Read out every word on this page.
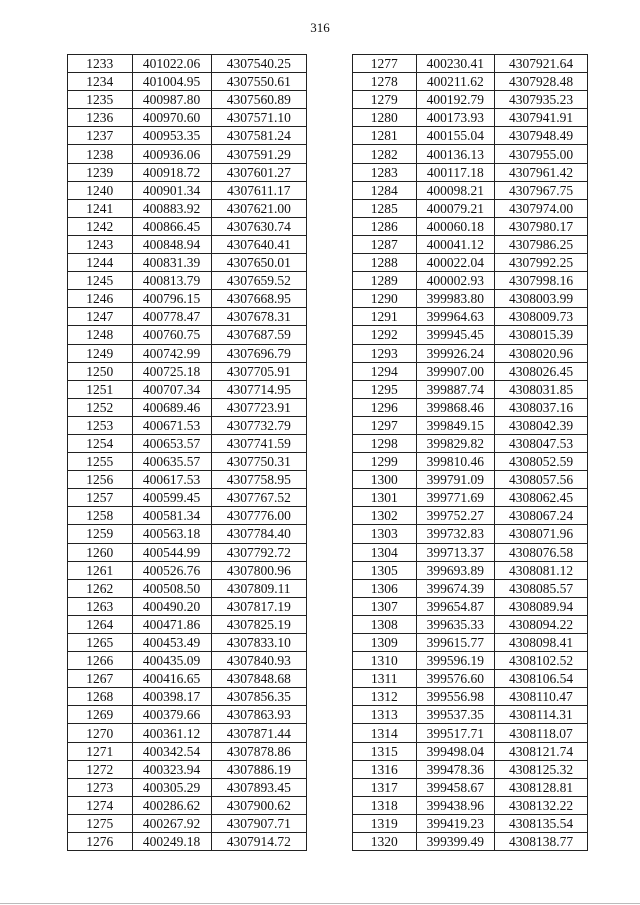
316
1233	401022.06	4307540.25
1234	401004.95	4307550.61
1235	400987.80	4307560.89
1236	400970.60	4307571.10
1237	400953.35	4307581.24
1238	400936.06	4307591.29
1239	400918.72	4307601.27
1240	400901.34	4307611.17
1241	400883.92	4307621.00
1242	400866.45	4307630.74
1243	400848.94	4307640.41
1244	400831.39	4307650.01
1245	400813.79	4307659.52
1246	400796.15	4307668.95
1247	400778.47	4307678.31
1248	400760.75	4307687.59
1249	400742.99	4307696.79
1250	400725.18	4307705.91
1251	400707.34	4307714.95
1252	400689.46	4307723.91
1253	400671.53	4307732.79
1254	400653.57	4307741.59
1255	400635.57	4307750.31
1256	400617.53	4307758.95
1257	400599.45	4307767.52
1258	400581.34	4307776.00
1259	400563.18	4307784.40
1260	400544.99	4307792.72
1261	400526.76	4307800.96
1262	400508.50	4307809.11
1263	400490.20	4307817.19
1264	400471.86	4307825.19
1265	400453.49	4307833.10
1266	400435.09	4307840.93
1267	400416.65	4307848.68
1268	400398.17	4307856.35
1269	400379.66	4307863.93
1270	400361.12	4307871.44
1271	400342.54	4307878.86
1272	400323.94	4307886.19
1273	400305.29	4307893.45
1274	400286.62	4307900.62
1275	400267.92	4307907.71
1276	400249.18	4307914.72
1277	400230.41	4307921.64
1278	400211.62	4307928.48
1279	400192.79	4307935.23
1280	400173.93	4307941.91
1281	400155.04	4307948.49
1282	400136.13	4307955.00
1283	400117.18	4307961.42
1284	400098.21	4307967.75
1285	400079.21	4307974.00
1286	400060.18	4307980.17
1287	400041.12	4307986.25
1288	400022.04	4307992.25
1289	400002.93	4307998.16
1290	399983.80	4308003.99
1291	399964.63	4308009.73
1292	399945.45	4308015.39
1293	399926.24	4308020.96
1294	399907.00	4308026.45
1295	399887.74	4308031.85
1296	399868.46	4308037.16
1297	399849.15	4308042.39
1298	399829.82	4308047.53
1299	399810.46	4308052.59
1300	399791.09	4308057.56
1301	399771.69	4308062.45
1302	399752.27	4308067.24
1303	399732.83	4308071.96
1304	399713.37	4308076.58
1305	399693.89	4308081.12
1306	399674.39	4308085.57
1307	399654.87	4308089.94
1308	399635.33	4308094.22
1309	399615.77	4308098.41
1310	399596.19	4308102.52
1311	399576.60	4308106.54
1312	399556.98	4308110.47
1313	399537.35	4308114.31
1314	399517.71	4308118.07
1315	399498.04	4308121.74
1316	399478.36	4308125.32
1317	399458.67	4308128.81
1318	399438.96	4308132.22
1319	399419.23	4308135.54
1320	399399.49	4308138.77
